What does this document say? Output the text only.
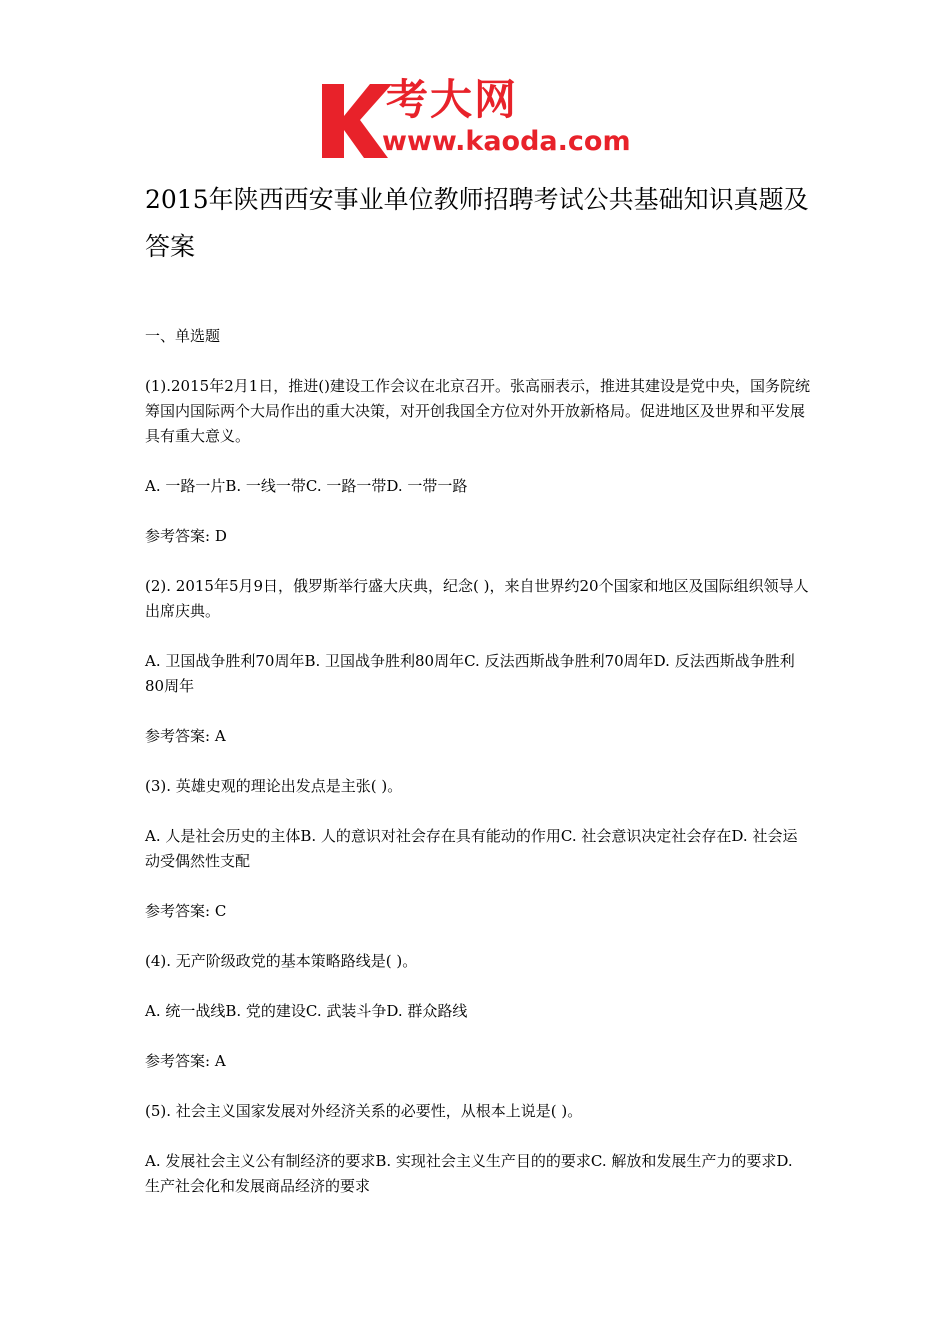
考大网
www.kaoda.com
2015年陕西西安事业单位教师招聘考试公共基础知识真题及答案

一、单选题

(1).2015年2月1日，推进()建设工作会议在北京召开。张高丽表示，推进其建设是党中央，国务院统筹国内国际两个大局作出的重大决策，对开创我国全方位对外开放新格局。促进地区及世界和平发展具有重大意义。

A. 一路一片B. 一线一带C. 一路一带D. 一带一路

参考答案: D

(2). 2015年5月9日，俄罗斯举行盛大庆典，纪念( )，来自世界约20个国家和地区及国际组织领导人出席庆典。

A. 卫国战争胜利70周年B. 卫国战争胜利80周年C. 反法西斯战争胜利70周年D. 反法西斯战争胜利80周年

参考答案: A

(3). 英雄史观的理论出发点是主张( )。

A. 人是社会历史的主体B. 人的意识对社会存在具有能动的作用C. 社会意识决定社会存在D. 社会运动受偶然性支配

参考答案: C

(4). 无产阶级政党的基本策略路线是( )。

A. 统一战线B. 党的建设C. 武装斗争D. 群众路线

参考答案: A

(5). 社会主义国家发展对外经济关系的必要性，从根本上说是( )。

A. 发展社会主义公有制经济的要求B. 实现社会主义生产目的的要求C. 解放和发展生产力的要求D. 生产社会化和发展商品经济的要求
